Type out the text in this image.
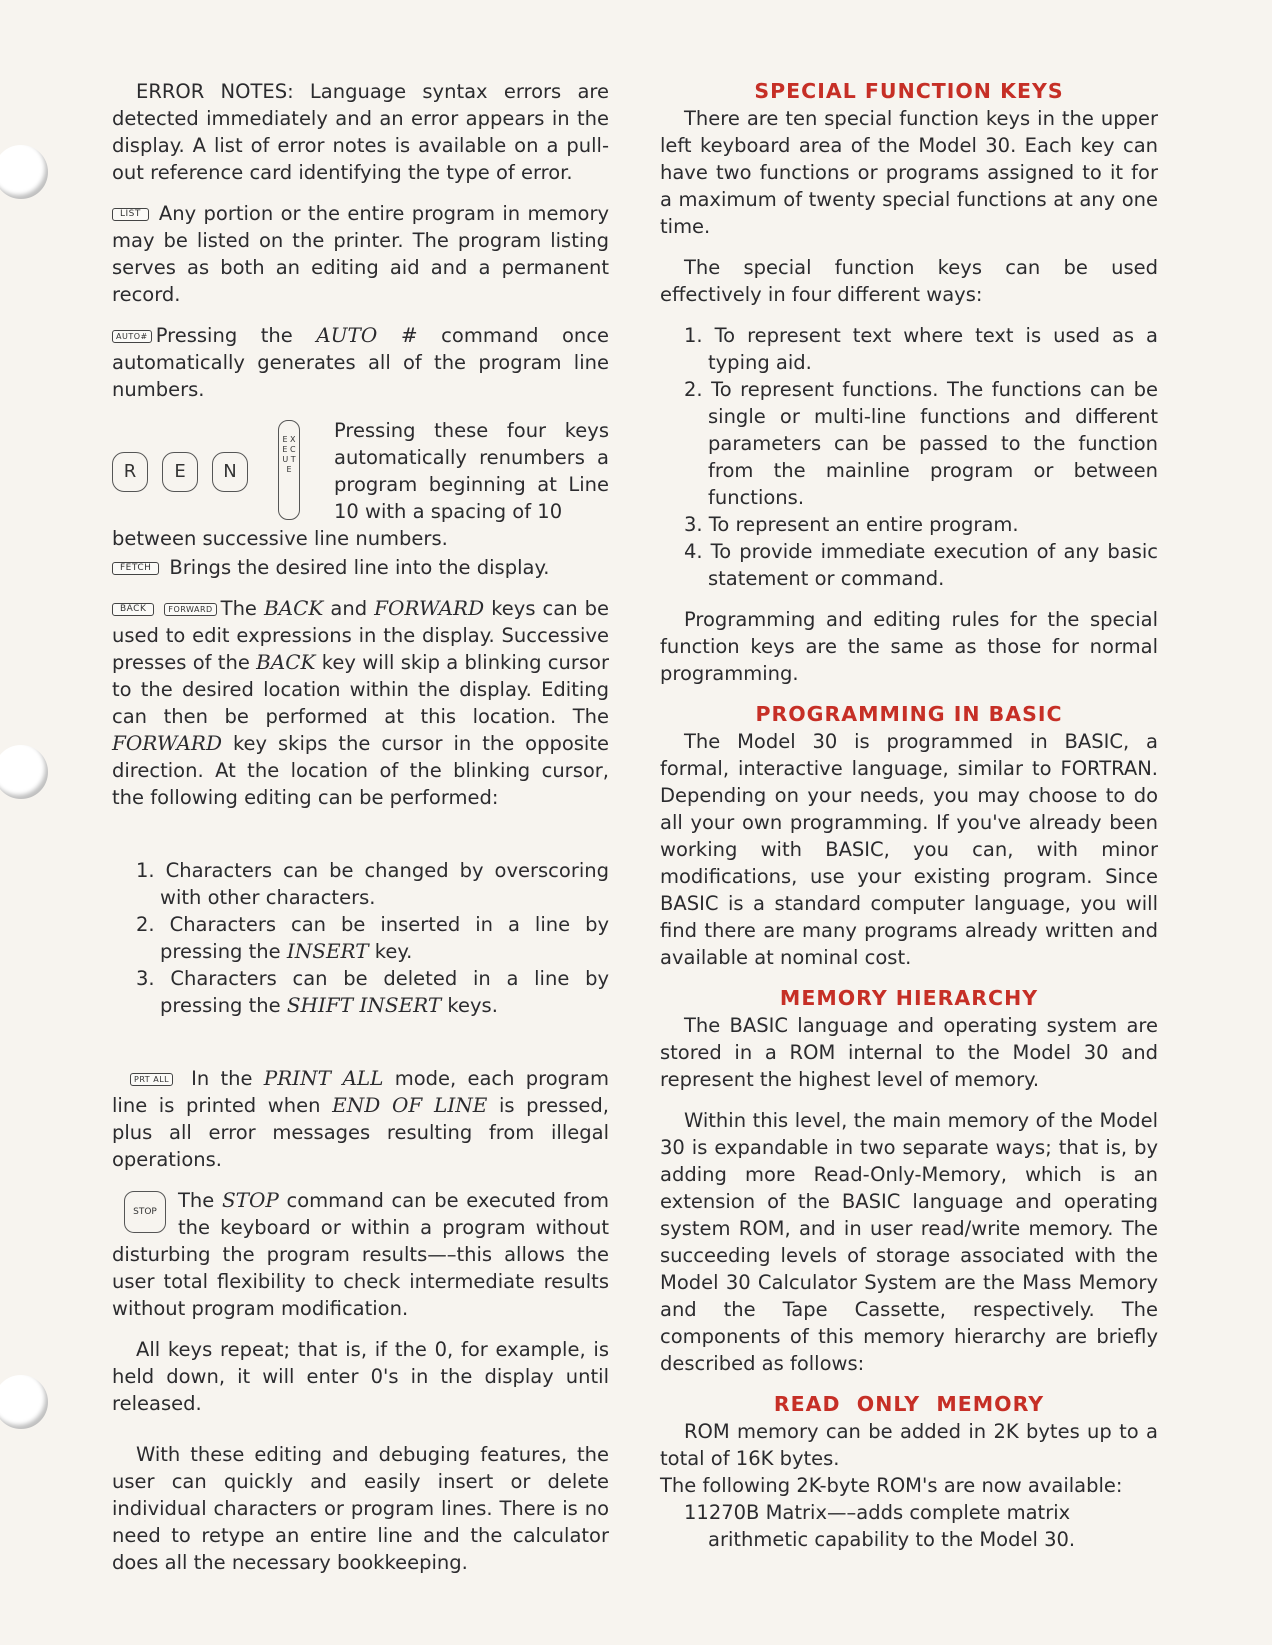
ERROR NOTES: Language syntax errors are detected immediately and an error appears in the display. A list of error notes is available on a pull-out reference card identifying the type of error.

LIST Any portion or the entire program in memory may be listed on the printer. The program listing serves as both an editing aid and a permanent record.

AUTO# Pressing the AUTO # command once automatically generates all of the program line numbers.

R E N
E X E C U T E
Pressing these four keys automatically renumbers a program beginning at Line 10 with a spacing of 10
between successive line numbers.

FETCH Brings the desired line into the display.

BACK	FORWARD The BACK and FORWARD keys can be used to edit expressions in the display. Successive presses of the BACK key will skip a blinking cursor to the desired location within the display. Editing can then be performed at this location. The FORWARD key skips the cursor in the opposite direction. At the location of the blinking cursor, the following editing can be performed:

1. Characters can be changed by overscoring with other characters.
2. Characters can be inserted in a line by pressing the INSERT key.
3. Characters can be deleted in a line by pressing the SHIFT INSERT keys.

PRT ALL In the PRINT ALL mode, each program line is printed when END OF LINE is pressed, plus all error messages resulting from illegal operations.

STOP	The STOP command can be executed from the keyboard or within a program without disturbing the program results—–this allows the user total flexibility to check intermediate results without program modification.

All keys repeat; that is, if the 0, for example, is held down, it will enter 0's in the display until released.

With these editing and debuging features, the user can quickly and easily insert or delete individual characters or program lines. There is no need to retype an entire line and the calculator does all the necessary bookkeeping.

SPECIAL FUNCTION KEYS

There are ten special function keys in the upper left keyboard area of the Model 30. Each key can have two functions or programs assigned to it for a maximum of twenty special functions at any one time.

The special function keys can be used effectively in four different ways:

1. To represent text where text is used as a typing aid.
2. To represent functions. The functions can be single or multi-line functions and different parameters can be passed to the function from the mainline program or between functions.
3. To represent an entire program.
4. To provide immediate execution of any basic statement or command.

Programming and editing rules for the special function keys are the same as those for normal programming.

PROGRAMMING IN BASIC

The Model 30 is programmed in BASIC, a formal, interactive language, similar to FORTRAN. Depending on your needs, you may choose to do all your own programming. If you've already been working with BASIC, you can, with minor modifications, use your existing program. Since BASIC is a standard computer language, you will find there are many programs already written and available at nominal cost.

MEMORY HIERARCHY

The BASIC language and operating system are stored in a ROM internal to the Model 30 and represent the highest level of memory.

Within this level, the main memory of the Model 30 is expandable in two separate ways; that is, by adding more Read-Only-Memory, which is an extension of the BASIC language and operating system ROM, and in user read/write memory. The succeeding levels of storage associated with the Model 30 Calculator System are the Mass Memory and the Tape Cassette, respectively. The components of this memory hierarchy are briefly described as follows:

READ  ONLY  MEMORY

ROM memory can be added in 2K bytes up to a total of 16K bytes.

The following 2K-byte ROM's are now available:

11270B Matrix—–adds complete matrix arithmetic capability to the Model 30.
